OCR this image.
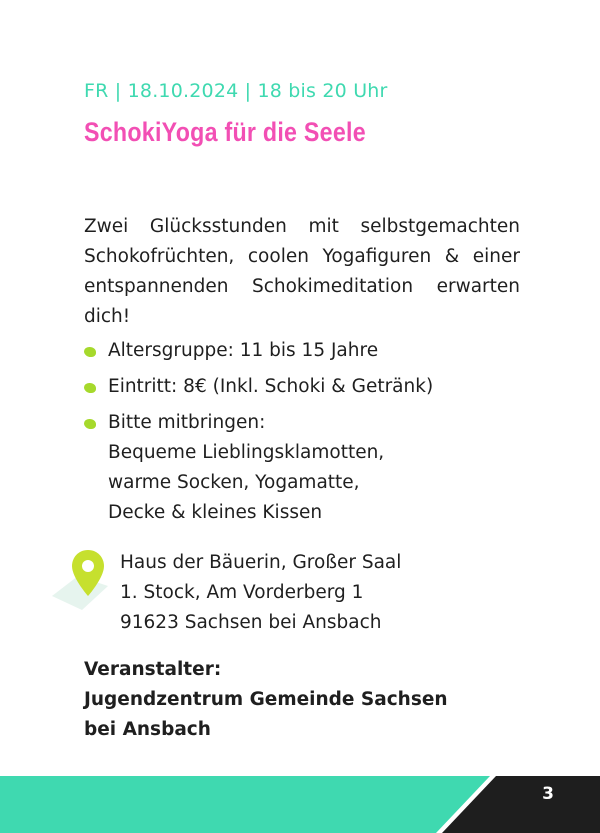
FR | 18.10.2024 | 18 bis 20 Uhr
SchokiYoga für die Seele
Zwei Glücksstunden mit selbstgemachten
Schokofrüchten, coolen Yogafiguren & einer
entspannenden Schokimeditation erwarten
dich!
Altersgruppe: 11 bis 15 Jahre
Eintritt: 8€ (Inkl. Schoki & Getränk)
Bitte mitbringen:
Bequeme Lieblingsklamotten,
warme Socken, Yogamatte,
Decke & kleines Kissen
Haus der Bäuerin, Großer Saal
1. Stock, Am Vorderberg 1
91623 Sachsen bei Ansbach
Veranstalter:
Jugendzentrum Gemeinde Sachsen
bei Ansbach
3
